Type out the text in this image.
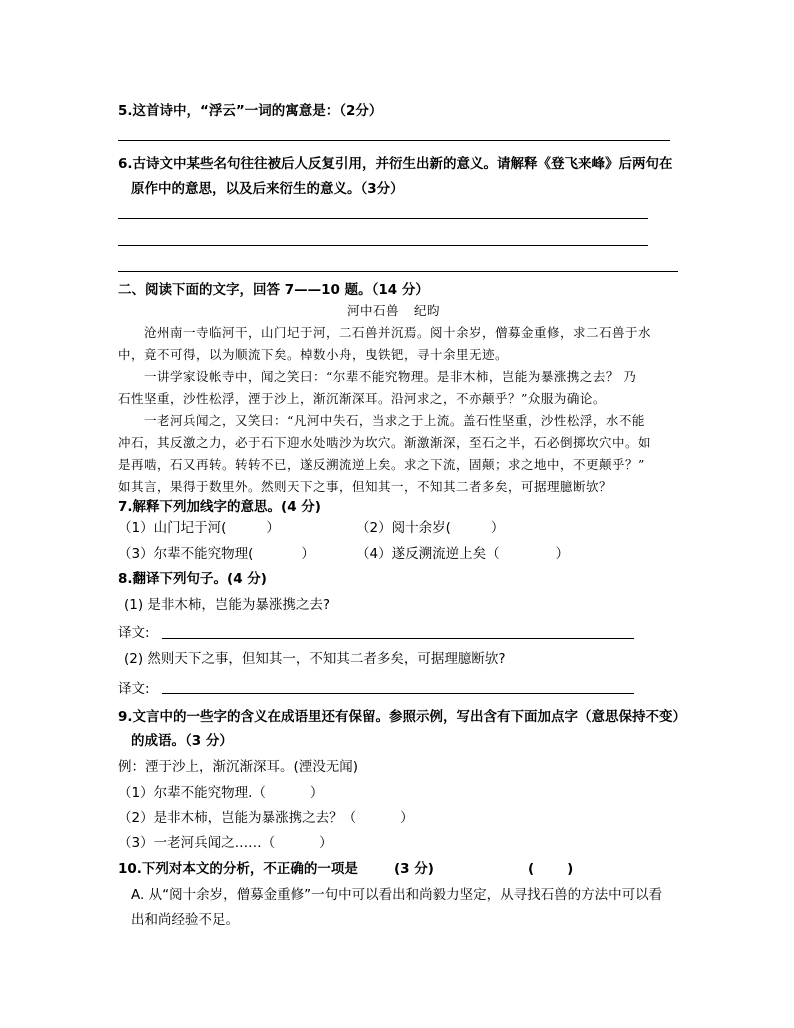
5.这首诗中，“浮云”一词的寓意是：（2分）
6.古诗文中某些名句往往被后人反复引用，并衍生出新的意义。请解释《登飞来峰》后两句在
原作中的意思，以及后来衍生的意义。（3分）
二、阅读下面的文字，回答 7——10 题。（14 分）
河中石兽 纪昀
沧州南一寺临河干，山门圮于河，二石兽并沉焉。阅十余岁，僧募金重修，求二石兽于水
中，竟不可得，以为顺流下矣。棹数小舟，曳铁钯，寻十余里无迹。
一讲学家设帐寺中，闻之笑曰：“尔辈不能究物理。是非木柿，岂能为暴涨携之去？ 乃
石性坚重，沙性松浮，湮于沙上，渐沉渐深耳。沿河求之，不亦颠乎？”众服为确论。
一老河兵闻之，又笑曰：“凡河中失石，当求之于上流。盖石性坚重，沙性松浮，水不能
冲石，其反激之力，必于石下迎水处啮沙为坎穴。渐激渐深，至石之半，石必倒掷坎穴中。如
是再啮，石又再转。转转不已，遂反溯流逆上矣。求之下流，固颠；求之地中，不更颠乎？”
如其言，果得于数里外。然则天下之事，但知其一，不知其二者多矣，可据理臆断欤？
7.解释下列加线字的意思。(4 分)
（1）山门圮于河(	）	（2）阅十余岁(	）
（3）尔辈不能究物理(	）	（4）遂反溯流逆上矣（	）
8.翻译下列句子。(4 分)
(1) 是非木柿，岂能为暴涨携之去?
译文:
(2) 然则天下之事，但知其一，不知其二者多矣，可据理臆断欤?
译文:
9.文言中的一些字的含义在成语里还有保留。参照示例，写出含有下面加点字（意思保持不变）
的成语。（3 分）
例：湮于沙上，渐沉渐深耳。(湮没无闻)
（1）尔辈不能究物理.（	）
（2）是非木柿，岂能为暴涨携之去？（	）
（3）一老河兵闻之……（	）
10.下列对本文的分析，不正确的一项是	(3 分)	(       )
A. 从“阅十余岁，僧募金重修”一句中可以看出和尚毅力坚定，从寻找石兽的方法中可以看
出和尚经验不足。
